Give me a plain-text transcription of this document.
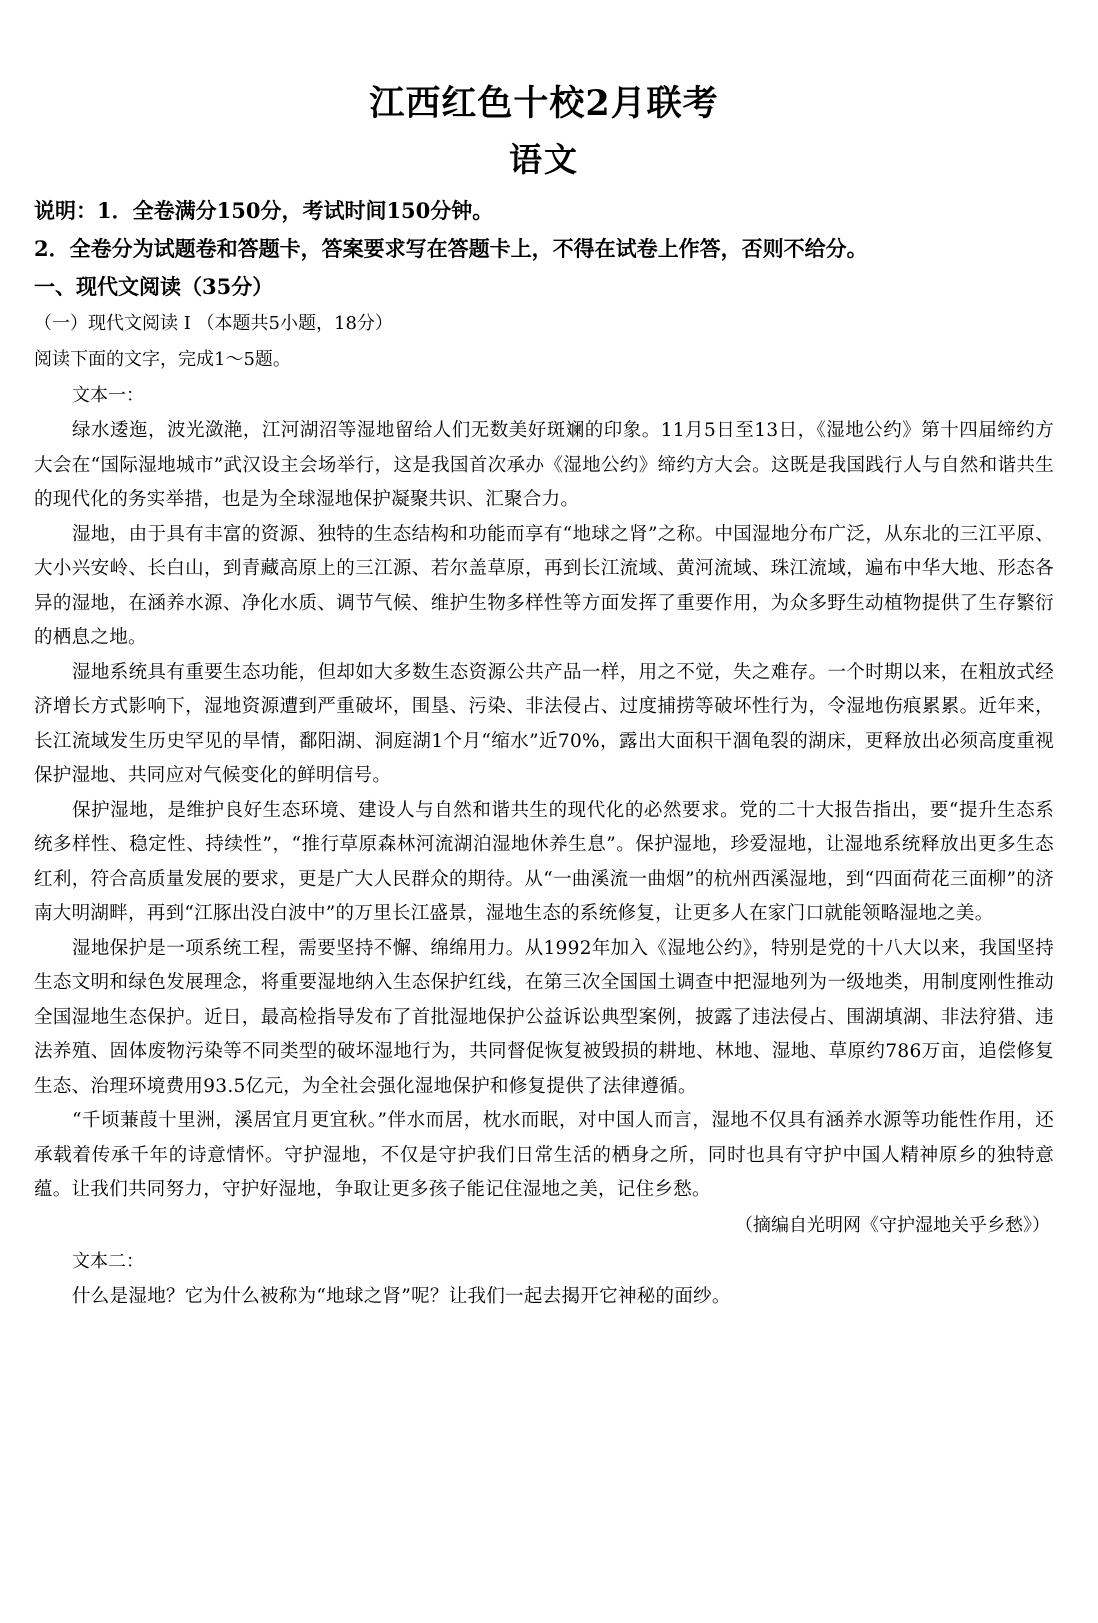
江西红色十校2月联考
语文

说明：1．全卷满分150分，考试时间150分钟。

2．全卷分为试题卷和答题卡，答案要求写在答题卡上，不得在试卷上作答，否则不给分。

一、现代文阅读（35分）

（一）现代文阅读 I （本题共5小题，18分）

阅读下面的文字，完成1～5题。

文本一：

绿水逶迤，波光潋滟，江河湖沼等湿地留给人们无数美好斑斓的印象。11月5日至13日，《湿地公约》第十四届缔约方大会在“国际湿地城市”武汉设主会场举行，这是我国首次承办《湿地公约》缔约方大会。这既是我国践行人与自然和谐共生的现代化的务实举措，也是为全球湿地保护凝聚共识、汇聚合力。

湿地，由于具有丰富的资源、独特的生态结构和功能而享有“地球之肾”之称。中国湿地分布广泛，从东北的三江平原、大小兴安岭、长白山，到青藏高原上的三江源、若尔盖草原，再到长江流域、黄河流域、珠江流域，遍布中华大地、形态各异的湿地，在涵养水源、净化水质、调节气候、维护生物多样性等方面发挥了重要作用，为众多野生动植物提供了生存繁衍的栖息之地。

湿地系统具有重要生态功能，但却如大多数生态资源公共产品一样，用之不觉，失之难存。一个时期以来，在粗放式经济增长方式影响下，湿地资源遭到严重破坏，围垦、污染、非法侵占、过度捕捞等破坏性行为，令湿地伤痕累累。近年来，长江流域发生历史罕见的旱情，鄱阳湖、洞庭湖1个月“缩水”近70%，露出大面积干涸龟裂的湖床，更释放出必须高度重视保护湿地、共同应对气候变化的鲜明信号。

保护湿地，是维护良好生态环境、建设人与自然和谐共生的现代化的必然要求。党的二十大报告指出，要“提升生态系统多样性、稳定性、持续性”，“推行草原森林河流湖泊湿地休养生息”。保护湿地，珍爱湿地，让湿地系统释放出更多生态红利，符合高质量发展的要求，更是广大人民群众的期待。从“一曲溪流一曲烟”的杭州西溪湿地，到“四面荷花三面柳”的济南大明湖畔，再到“江豚出没白波中”的万里长江盛景，湿地生态的系统修复，让更多人在家门口就能领略湿地之美。

湿地保护是一项系统工程，需要坚持不懈、绵绵用力。从1992年加入《湿地公约》，特别是党的十八大以来，我国坚持生态文明和绿色发展理念，将重要湿地纳入生态保护红线，在第三次全国国土调查中把湿地列为一级地类，用制度刚性推动全国湿地生态保护。近日，最高检指导发布了首批湿地保护公益诉讼典型案例，披露了违法侵占、围湖填湖、非法狩猎、违法养殖、固体废物污染等不同类型的破坏湿地行为，共同督促恢复被毁损的耕地、林地、湿地、草原约786万亩，追偿修复生态、治理环境费用93.5亿元，为全社会强化湿地保护和修复提供了法律遵循。

“千顷蒹葭十里洲，溪居宜月更宜秋。”伴水而居，枕水而眠，对中国人而言，湿地不仅具有涵养水源等功能性作用，还承载着传承千年的诗意情怀。守护湿地，不仅是守护我们日常生活的栖身之所，同时也具有守护中国人精神原乡的独特意蕴。让我们共同努力，守护好湿地，争取让更多孩子能记住湿地之美，记住乡愁。

（摘编自光明网《守护湿地关乎乡愁》）

文本二：

什么是湿地？它为什么被称为“地球之肾”呢？让我们一起去揭开它神秘的面纱。
